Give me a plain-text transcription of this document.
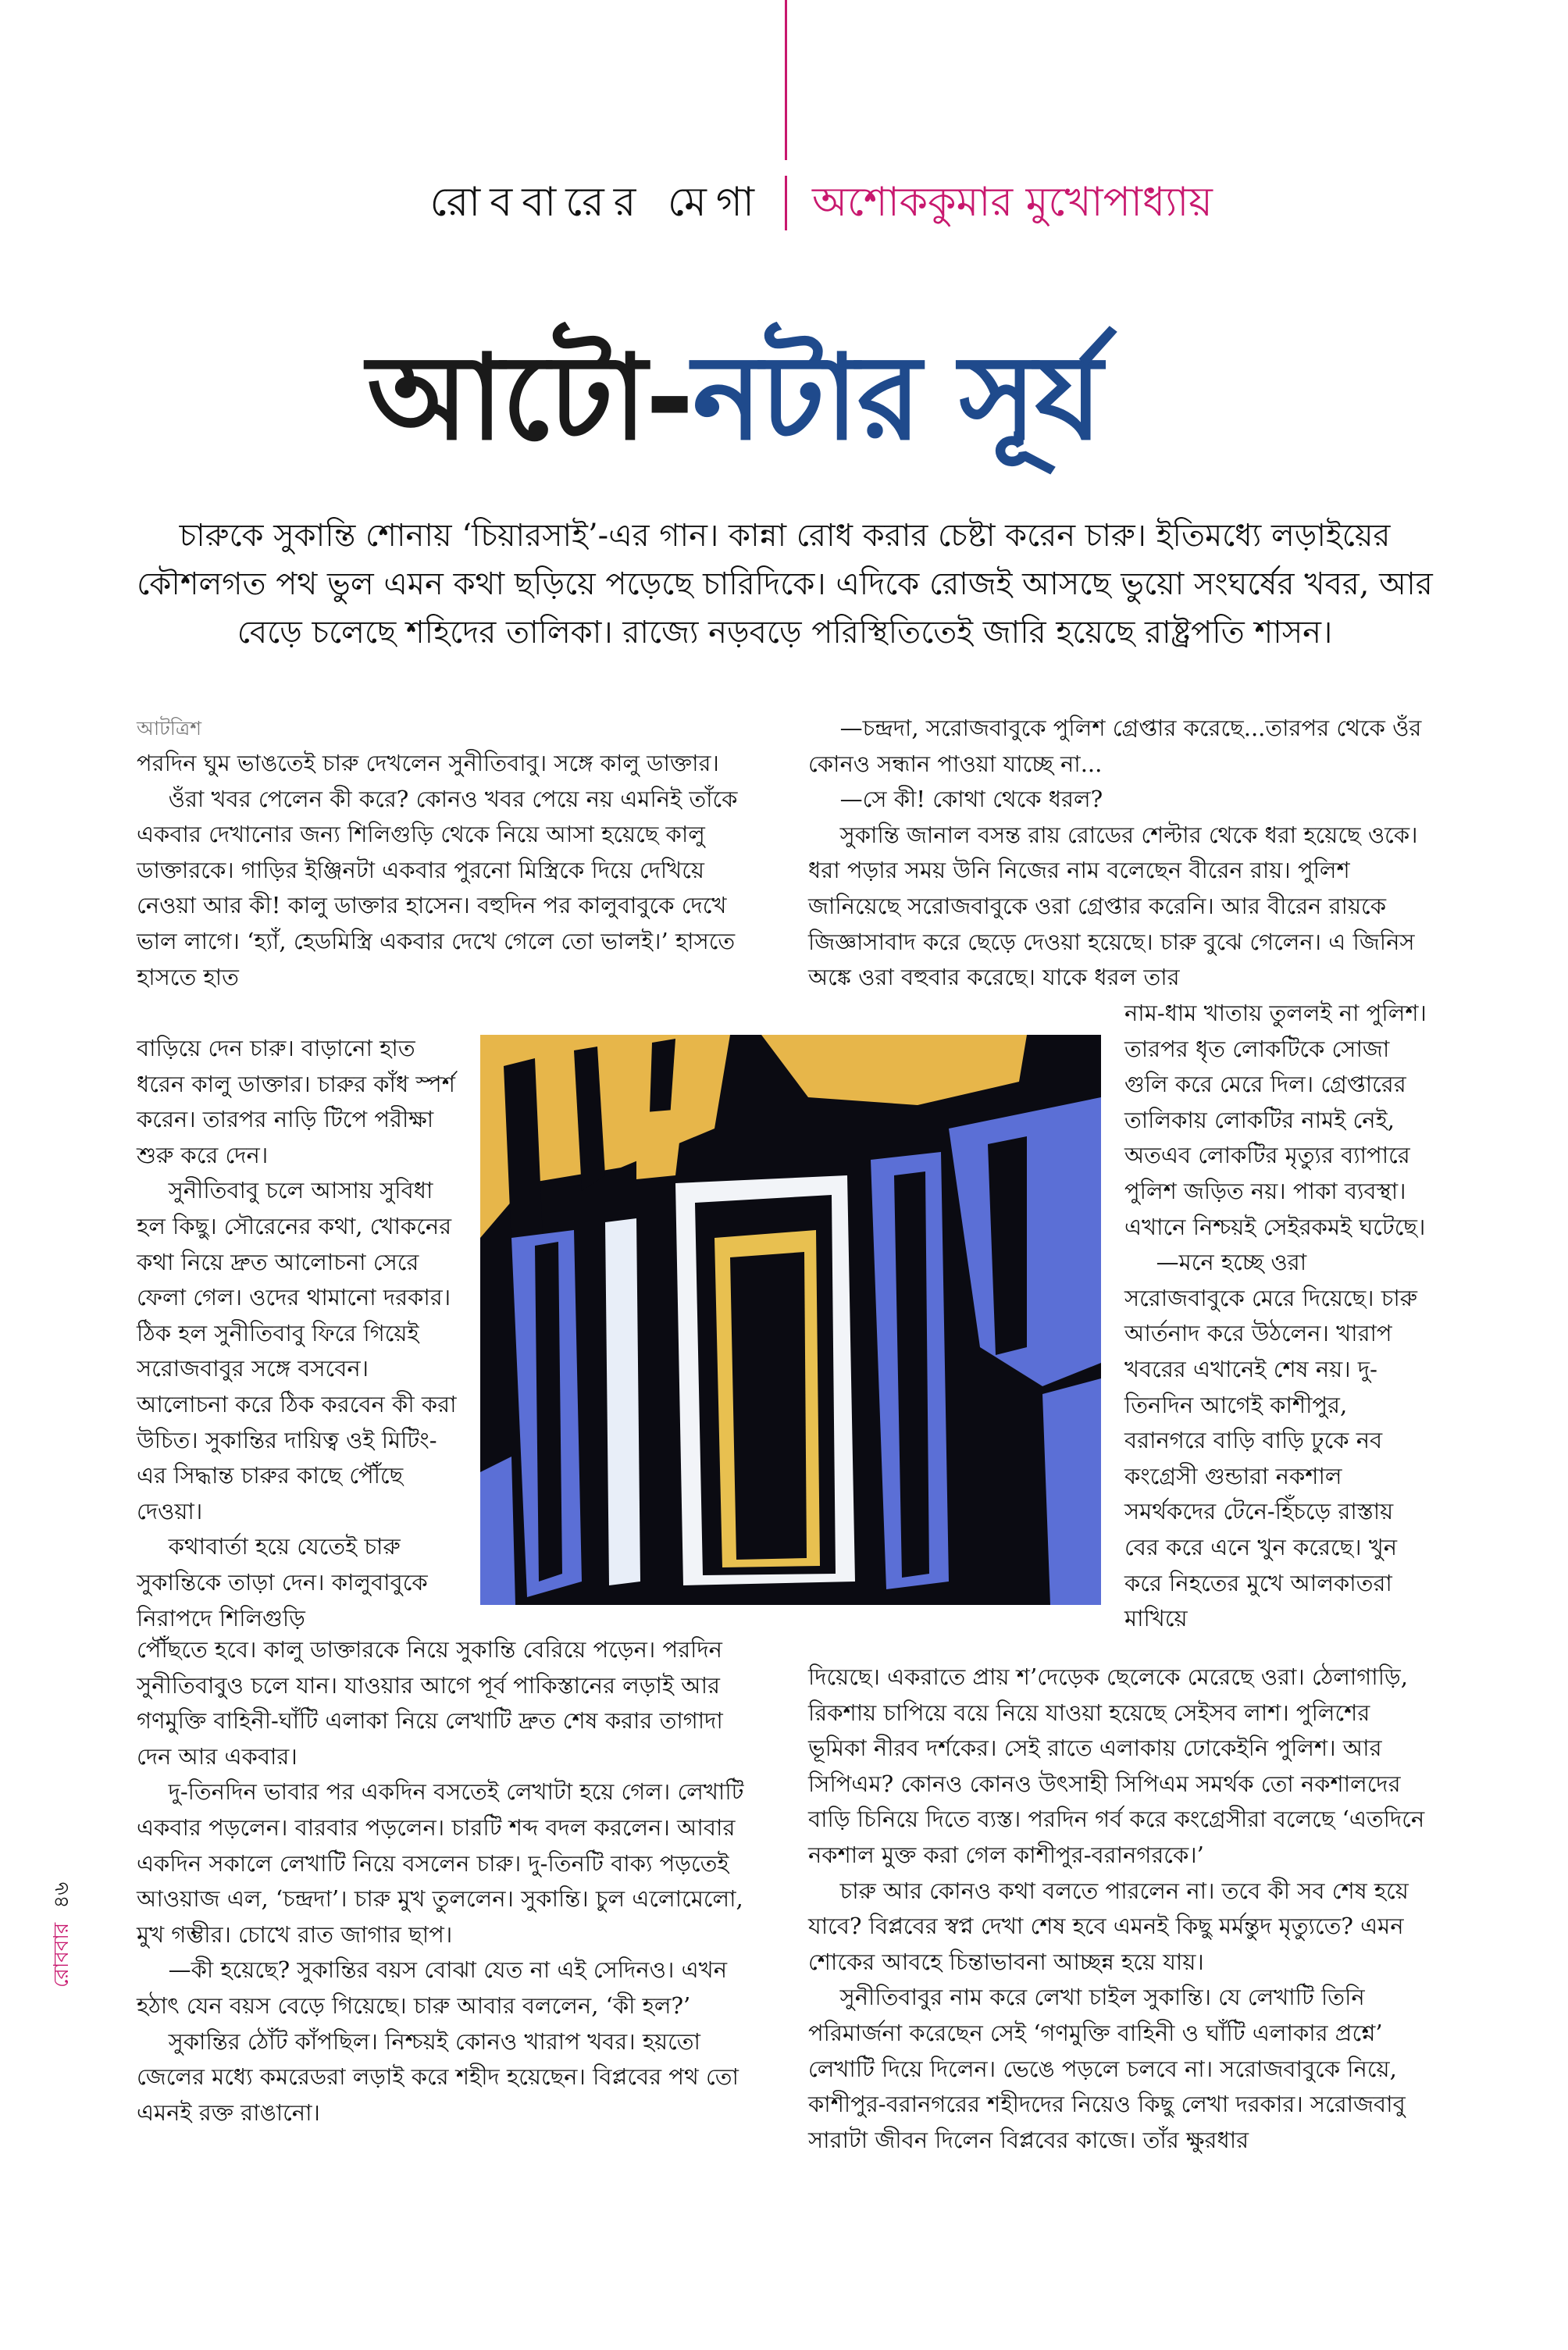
রোববারের মেগা অশোককুমার মুখোপাধ্যায়
আটো-নটার সূর্য
চারুকে সুকান্তি শোনায় ‘চিয়ারসাই’-এর গান। কান্না রোধ করার চেষ্টা করেন চারু। ইতিমধ্যে লড়াইয়ের কৌশলগত পথ ভুল এমন কথা ছড়িয়ে পড়েছে চারিদিকে। এদিকে রোজই আসছে ভুয়ো সংঘর্ষের খবর, আর বেড়ে চলেছে শহিদের তালিকা। রাজ্যে নড়বড়ে পরিস্থিতিতেই জারি হয়েছে রাষ্ট্রপতি শাসন।
আটত্রিশ

পরদিন ঘুম ভাঙতেই চারু দেখলেন সুনীতিবাবু। সঙ্গে কালু ডাক্তার।

ওঁরা খবর পেলেন কী করে? কোনও খবর পেয়ে নয় এমনিই তাঁকে একবার দেখানোর জন্য শিলিগুড়ি থেকে নিয়ে আসা হয়েছে কালু ডাক্তারকে। গাড়ির ইঞ্জিনটা একবার পুরনো মিস্ত্রিকে দিয়ে দেখিয়ে নেওয়া আর কী! কালু ডাক্তার হাসেন। বহুদিন পর কালুবাবুকে দেখে ভাল লাগে। ‘হ্যাঁ, হেডমিস্ত্রি একবার দেখে গেলে তো ভালই।’ হাসতে হাসতে হাত

বাড়িয়ে দেন চারু। বাড়ানো হাত ধরেন কালু ডাক্তার। চারুর কাঁধ স্পর্শ করেন। তারপর নাড়ি টিপে পরীক্ষা শুরু করে দেন।

সুনীতিবাবু চলে আসায় সুবিধা হল কিছু। সৌরেনের কথা, খোকনের কথা নিয়ে দ্রুত আলোচনা সেরে ফেলা গেল। ওদের থামানো দরকার। ঠিক হল সুনীতিবাবু ফিরে গিয়েই সরোজবাবুর সঙ্গে বসবেন। আলোচনা করে ঠিক করবেন কী করা উচিত। সুকান্তির দায়িত্ব ওই মিটিং-এর সিদ্ধান্ত চারুর কাছে পৌঁছে দেওয়া।

কথাবার্তা হয়ে যেতেই চারু সুকান্তিকে তাড়া দেন। কালুবাবুকে নিরাপদে শিলিগুড়ি

পৌঁছতে হবে। কালু ডাক্তারকে নিয়ে সুকান্তি বেরিয়ে পড়েন। পরদিন সুনীতিবাবুও চলে যান। যাওয়ার আগে পূর্ব পাকিস্তানের লড়াই আর গণমুক্তি বাহিনী-ঘাঁটি এলাকা নিয়ে লেখাটি দ্রুত শেষ করার তাগাদা দেন আর একবার।

দু-তিনদিন ভাবার পর একদিন বসতেই লেখাটা হয়ে গেল। লেখাটি একবার পড়লেন। বারবার পড়লেন। চারটি শব্দ বদল করলেন। আবার একদিন সকালে লেখাটি নিয়ে বসলেন চারু। দু-তিনটি বাক্য পড়তেই আওয়াজ এল, ‘চন্দ্রদা’। চারু মুখ তুললেন। সুকান্তি। চুল এলোমেলো, মুখ গম্ভীর। চোখে রাত জাগার ছাপ।

—কী হয়েছে? সুকান্তির বয়স বোঝা যেত না এই সেদিনও। এখন হঠাৎ যেন বয়স বেড়ে গিয়েছে। চারু আবার বললেন, ‘কী হল?’

সুকান্তির ঠোঁট কাঁপছিল। নিশ্চয়ই কোনও খারাপ খবর। হয়তো জেলের মধ্যে কমরেডরা লড়াই করে শহীদ হয়েছেন। বিপ্লবের পথ তো এমনই রক্ত রাঙানো।

—চন্দ্রদা, সরোজবাবুকে পুলিশ গ্রেপ্তার করেছে...তারপর থেকে ওঁর কোনও সন্ধান পাওয়া যাচ্ছে না...

—সে কী! কোথা থেকে ধরল?

সুকান্তি জানাল বসন্ত রায় রোডের শেল্টার থেকে ধরা হয়েছে ওকে। ধরা পড়ার সময় উনি নিজের নাম বলেছেন বীরেন রায়। পুলিশ জানিয়েছে সরোজবাবুকে ওরা গ্রেপ্তার করেনি। আর বীরেন রায়কে জিজ্ঞাসাবাদ করে ছেড়ে দেওয়া হয়েছে। চারু বুঝে গেলেন। এ জিনিস অঙ্কে ওরা বহুবার করেছে। যাকে ধরল তার

নাম-ধাম খাতায় তুললই না পুলিশ। তারপর ধৃত লোকটিকে সোজা গুলি করে মেরে দিল। গ্রেপ্তারের তালিকায় লোকটির নামই নেই, অতএব লোকটির মৃত্যুর ব্যাপারে পুলিশ জড়িত নয়। পাকা ব্যবস্থা। এখানে নিশ্চয়ই সেইরকমই ঘটেছে।

—মনে হচ্ছে ওরা সরোজবাবুকে মেরে দিয়েছে। চারু আর্তনাদ করে উঠলেন। খারাপ খবরের এখানেই শেষ নয়। দু-তিনদিন আগেই কাশীপুর, বরানগরে বাড়ি বাড়ি ঢুকে নব কংগ্রেসী গুন্ডারা নকশাল সমর্থকদের টেনে-হিঁচড়ে রাস্তায় বের করে এনে খুন করেছে। খুন করে নিহতের মুখে আলকাতরা মাখিয়ে

দিয়েছে। একরাতে প্রায় শ’দেড়েক ছেলেকে মেরেছে ওরা। ঠেলাগাড়ি, রিকশায় চাপিয়ে বয়ে নিয়ে যাওয়া হয়েছে সেইসব লাশ। পুলিশের ভূমিকা নীরব দর্শকের। সেই রাতে এলাকায় ঢোকেইনি পুলিশ। আর সিপিএম? কোনও কোনও উৎসাহী সিপিএম সমর্থক তো নকশালদের বাড়ি চিনিয়ে দিতে ব্যস্ত। পরদিন গর্ব করে কংগ্রেসীরা বলেছে ‘এতদিনে নকশাল মুক্ত করা গেল কাশীপুর-বরানগরকে।’

চারু আর কোনও কথা বলতে পারলেন না। তবে কী সব শেষ হয়ে যাবে? বিপ্লবের স্বপ্ন দেখা শেষ হবে এমনই কিছু মর্মন্তুদ মৃত্যুতে? এমন শোকের আবহে চিন্তাভাবনা আচ্ছন্ন হয়ে যায়।

সুনীতিবাবুর নাম করে লেখা চাইল সুকান্তি। যে লেখাটি তিনি পরিমার্জনা করেছেন সেই ‘গণমুক্তি বাহিনী ও ঘাঁটি এলাকার প্রশ্নে’ লেখাটি দিয়ে দিলেন। ভেঙে পড়লে চলবে না। সরোজবাবুকে নিয়ে, কাশীপুর-বরানগরের শহীদদের নিয়েও কিছু লেখা দরকার। সরোজবাবু সারাটা জীবন দিলেন বিপ্লবের কাজে। তাঁর ক্ষুরধার

রোববার ৪৬
